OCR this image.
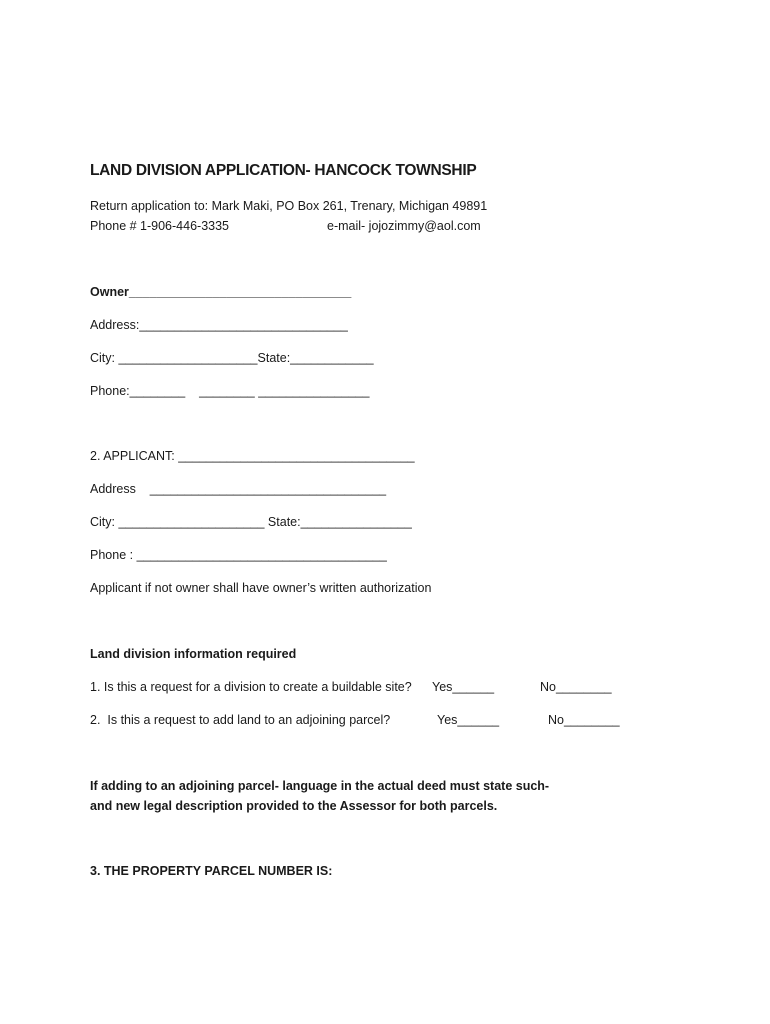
LAND DIVISION APPLICATION- HANCOCK TOWNSHIP
Return application to: Mark Maki, PO Box 261, Trenary, Michigan 49891
Phone # 1-906-446-3335	e-mail- jojozimmy@aol.com
Owner________________________________
Address:______________________________
City: ____________________State:____________
Phone:________    ________ ________________
2. APPLICANT: __________________________________
Address    __________________________________
City: _____________________ State:________________
Phone : ____________________________________
Applicant if not owner shall have owner’s written authorization
Land division information required
1. Is this a request for a division to create a buildable site? Yes______	No________
2.  Is this a request to add land to an adjoining parcel?	Yes______	No________
If adding to an adjoining parcel- language in the actual deed must state such-
and new legal description provided to the Assessor for both parcels.
3. THE PROPERTY PARCEL NUMBER IS:
